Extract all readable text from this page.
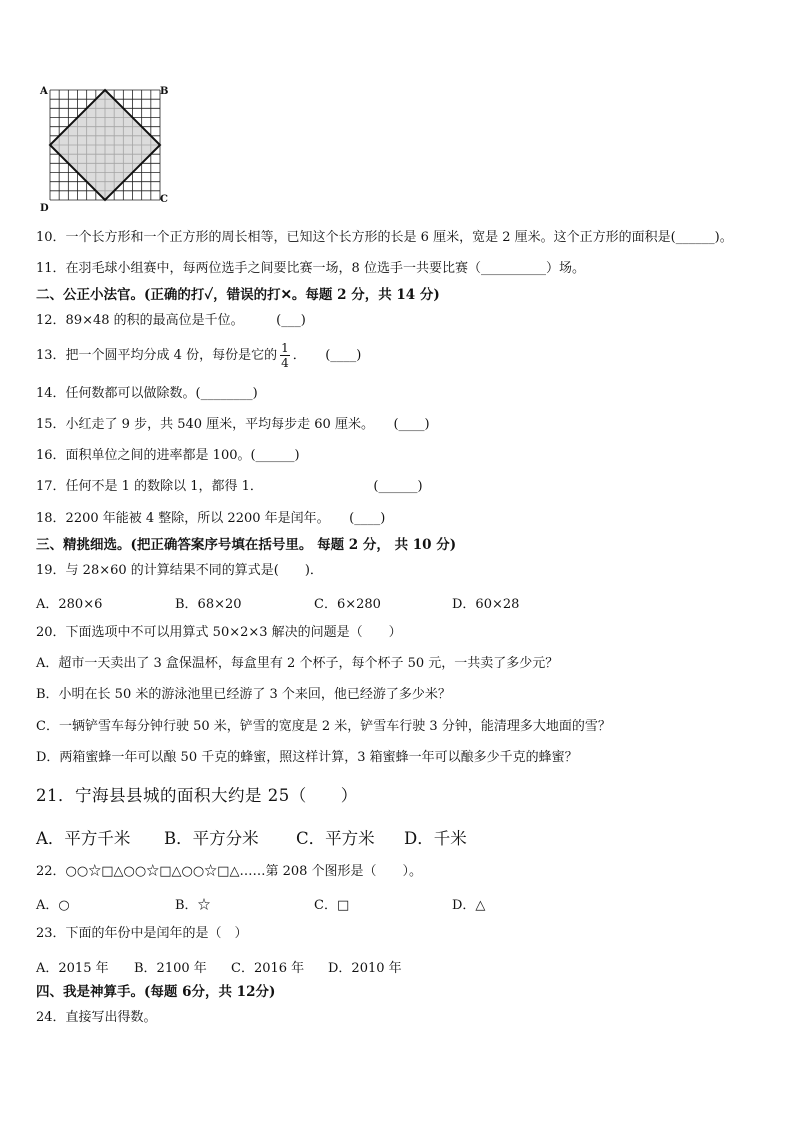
A	B
C
D
10．一个长方形和一个正方形的周长相等，已知这个长方形的长是 6 厘米，宽是 2 厘米。这个正方形的面积是(______)。
11．在羽毛球小组赛中，每两位选手之间要比赛一场，8 位选手一共要比赛（__________）场。
二、公正小法官。(正确的打✓，错误的打✕。每题 2 分，共 14 分)
12．89×48 的积的最高位是千位。　　　(___)
13．把一个圆平均分成 4 份，每份是它的 $\frac{1}{4}$ ．　　(____)
14．任何数都可以做除数。(________)
15．小红走了 9 步，共 540 厘米，平均每步走 60 厘米。　　(____)
16．面积单位之间的进率都是 100。(______)
17．任何不是 1 的数除以 1，都得 1．　　　　　　　　　(______)
18．2200 年能被 4 整除，所以 2200 年是闰年。　　(____)
三、精挑细选。(把正确答案序号填在括号里。 每题 2 分， 共 10 分)
19．与 28×60 的计算结果不同的算式是(　　)．
A．280×6	B．68×20	C．6×280	D．60×28
20．下面选项中不可以用算式 50×2×3 解决的问题是（　　）
A．超市一天卖出了 3 盒保温杯，每盒里有 2 个杯子，每个杯子 50 元，一共卖了多少元？
B．小明在长 50 米的游泳池里已经游了 3 个来回，他已经游了多少米？
C．一辆铲雪车每分钟行驶 50 米，铲雪的宽度是 2 米，铲雪车行驶 3 分钟，能清理多大地面的雪？
D．两箱蜜蜂一年可以酿 50 千克的蜂蜜，照这样计算，3 箱蜜蜂一年可以酿多少千克的蜂蜜？
21．宁海县县城的面积大约是 25（　　）
A．平方千米 B．平方分米 C．平方米 D．千米
22．○○☆□△○○☆□△○○☆□△……第 208 个图形是（　　）。
A．○	B．☆	C．□	D．△
23．下面的年份中是闰年的是（　）
A．2015 年 B．2100 年 C．2016 年 D．2010 年
四、我是神算手。(每题 6分，共 12分)
24．直接写出得数。
